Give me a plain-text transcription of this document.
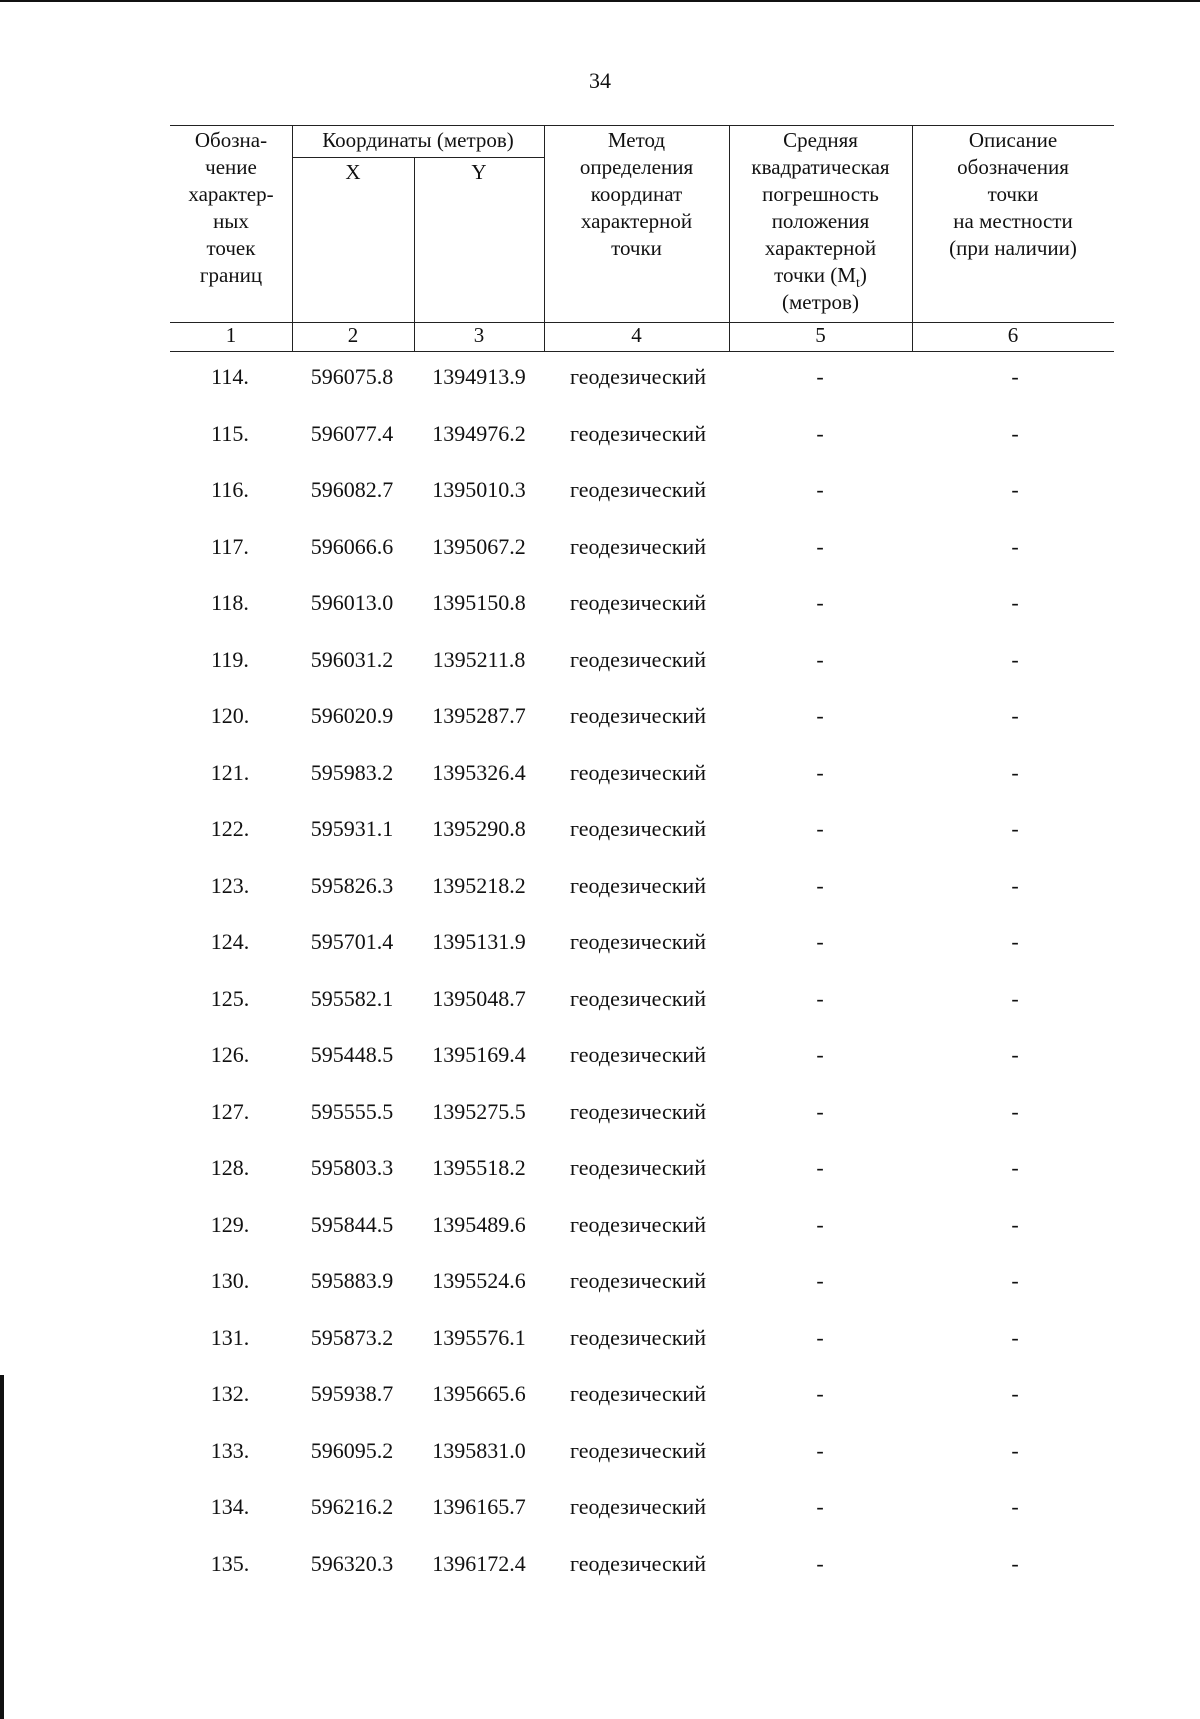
34
Обозна-
чение
характер-
ных
точек
границ
Координаты (метров)
X	Y
Метод
определения
координат
характерной
точки
Средняя
квадратическая
погрешность
положения
характерной
точки $(M_t)$
(метров)
Описание
обозначения
точки
на местности
(при наличии)
1	2	3	4	5	6
114.	596075.8	1394913.9	геодезический	-	-
115.	596077.4	1394976.2	геодезический	-	-
116.	596082.7	1395010.3	геодезический	-	-
117.	596066.6	1395067.2	геодезический	-	-
118.	596013.0	1395150.8	геодезический	-	-
119.	596031.2	1395211.8	геодезический	-	-
120.	596020.9	1395287.7	геодезический	-	-
121.	595983.2	1395326.4	геодезический	-	-
122.	595931.1	1395290.8	геодезический	-	-
123.	595826.3	1395218.2	геодезический	-	-
124.	595701.4	1395131.9	геодезический	-	-
125.	595582.1	1395048.7	геодезический	-	-
126.	595448.5	1395169.4	геодезический	-	-
127.	595555.5	1395275.5	геодезический	-	-
128.	595803.3	1395518.2	геодезический	-	-
129.	595844.5	1395489.6	геодезический	-	-
130.	595883.9	1395524.6	геодезический	-	-
131.	595873.2	1395576.1	геодезический	-	-
132.	595938.7	1395665.6	геодезический	-	-
133.	596095.2	1395831.0	геодезический	-	-
134.	596216.2	1396165.7	геодезический	-	-
135.	596320.3	1396172.4	геодезический	-	-
